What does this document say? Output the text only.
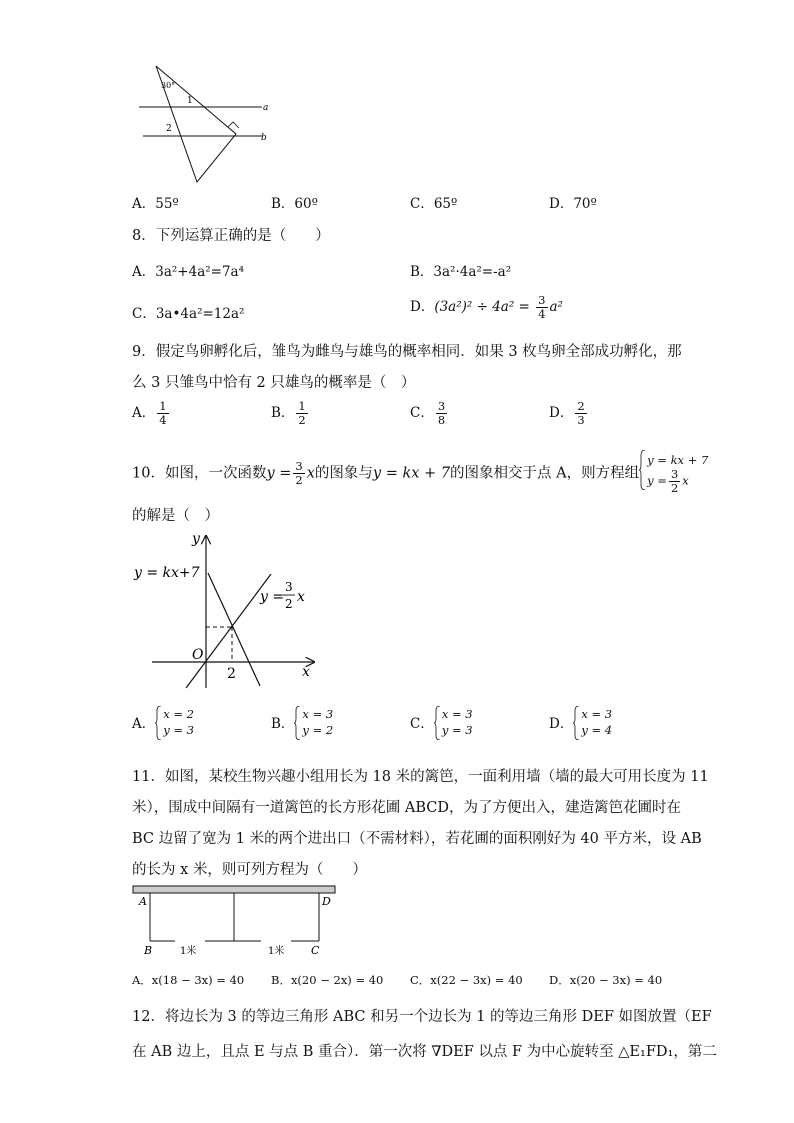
30°
1
2
a
b
A．55º	B．60º	C．65º	D．70º
8．下列运算正确的是（　　）
A．3a²+4a²=7a⁴	B．3a²·4a²=-a²
C．3a•4a²=12a²	D．$(3a^2)^2 \div 4a^2 = \frac{3}{4} a^2$
9．假定鸟卵孵化后，雏鸟为雌鸟与雄鸟的概率相同．如果 3 枚鸟卵全部成功孵化，那
么 3 只雏鸟中恰有 2 只雄鸟的概率是（　）
A． $\frac{1}{4}$	B． $\frac{1}{2}$	C． $\frac{3}{8}$	D． $\frac{2}{3}$
10．如图，一次函数$y = \frac{3}{2}$ x的图象与y = kx + 7的图象相交于点 A，则方程组
y = kx + 7
$y = \frac{3}{2}$ x
的解是（　）
y
x
O
2
y = kx+7
y =
3
2 x
A．
x = 2
y = 3	B．
x = 3
y = 2	C．
x = 3
y = 3	D．
x = 3
y = 4
11．如图，某校生物兴趣小组用长为 18 米的篱笆，一面利用墙（墙的最大可用长度为 11
米），围成中间隔有一道篱笆的长方形花圃 ABCD，为了方便出入，建造篱笆花圃时在
BC 边留了宽为 1 米的两个进出口（不需材料），若花圃的面积刚好为 40 平方米，设 AB
的长为 x 米，则可列方程为（　　）
A	D
B	C
1米	1米
A．x(18 − 3x) = 40 B．x(20 − 2x) = 40 C．x(22 − 3x) = 40 D．x(20 − 3x) = 40
12．将边长为 3 的等边三角形 ABC 和另一个边长为 1 的等边三角形 DEF 如图放置（EF
在 AB 边上，且点 E 与点 B 重合）．第一次将 ∇DEF 以点 F 为中心旋转至 △E₁FD₁，第二
